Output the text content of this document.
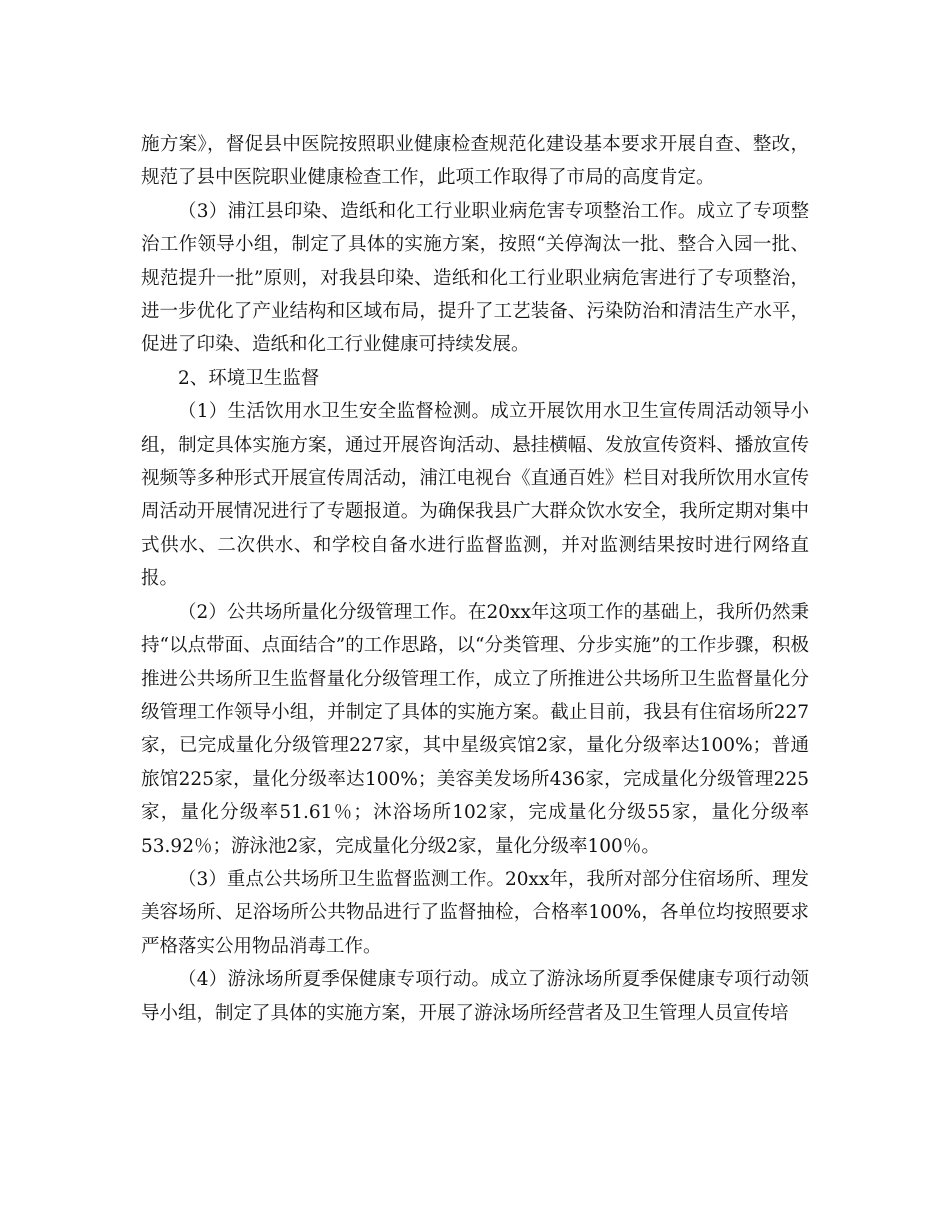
施方案》，督促县中医院按照职业健康检查规范化建设基本要求开展自查、整改，规范了县中医院职业健康检查工作，此项工作取得了市局的高度肯定。

（3）浦江县印染、造纸和化工行业职业病危害专项整治工作。成立了专项整治工作领导小组，制定了具体的实施方案，按照“关停淘汰一批、整合入园一批、规范提升一批”原则，对我县印染、造纸和化工行业职业病危害进行了专项整治，进一步优化了产业结构和区域布局，提升了工艺装备、污染防治和清洁生产水平，促进了印染、造纸和化工行业健康可持续发展。

2、环境卫生监督

（1）生活饮用水卫生安全监督检测。成立开展饮用水卫生宣传周活动领导小组，制定具体实施方案，通过开展咨询活动、悬挂横幅、发放宣传资料、播放宣传视频等多种形式开展宣传周活动，浦江电视台《直通百姓》栏目对我所饮用水宣传周活动开展情况进行了专题报道。为确保我县广大群众饮水安全，我所定期对集中式供水、二次供水、和学校自备水进行监督监测，并对监测结果按时进行网络直报。

（2）公共场所量化分级管理工作。在20xx年这项工作的基础上，我所仍然秉持“以点带面、点面结合”的工作思路，以“分类管理、分步实施”的工作步骤，积极推进公共场所卫生监督量化分级管理工作，成立了所推进公共场所卫生监督量化分级管理工作领导小组，并制定了具体的实施方案。截止目前，我县有住宿场所227家，已完成量化分级管理227家，其中星级宾馆2家，量化分级率达100%；普通旅馆225家，量化分级率达100%；美容美发场所436家，完成量化分级管理225家，量化分级率51.61％；沐浴场所102家，完成量化分级55家，量化分级率53.92％；游泳池2家，完成量化分级2家，量化分级率100％。

（3）重点公共场所卫生监督监测工作。20xx年，我所对部分住宿场所、理发美容场所、足浴场所公共物品进行了监督抽检，合格率100%，各单位均按照要求严格落实公用物品消毒工作。

（4）游泳场所夏季保健康专项行动。成立了游泳场所夏季保健康专项行动领导小组，制定了具体的实施方案，开展了游泳场所经营者及卫生管理人员宣传培
